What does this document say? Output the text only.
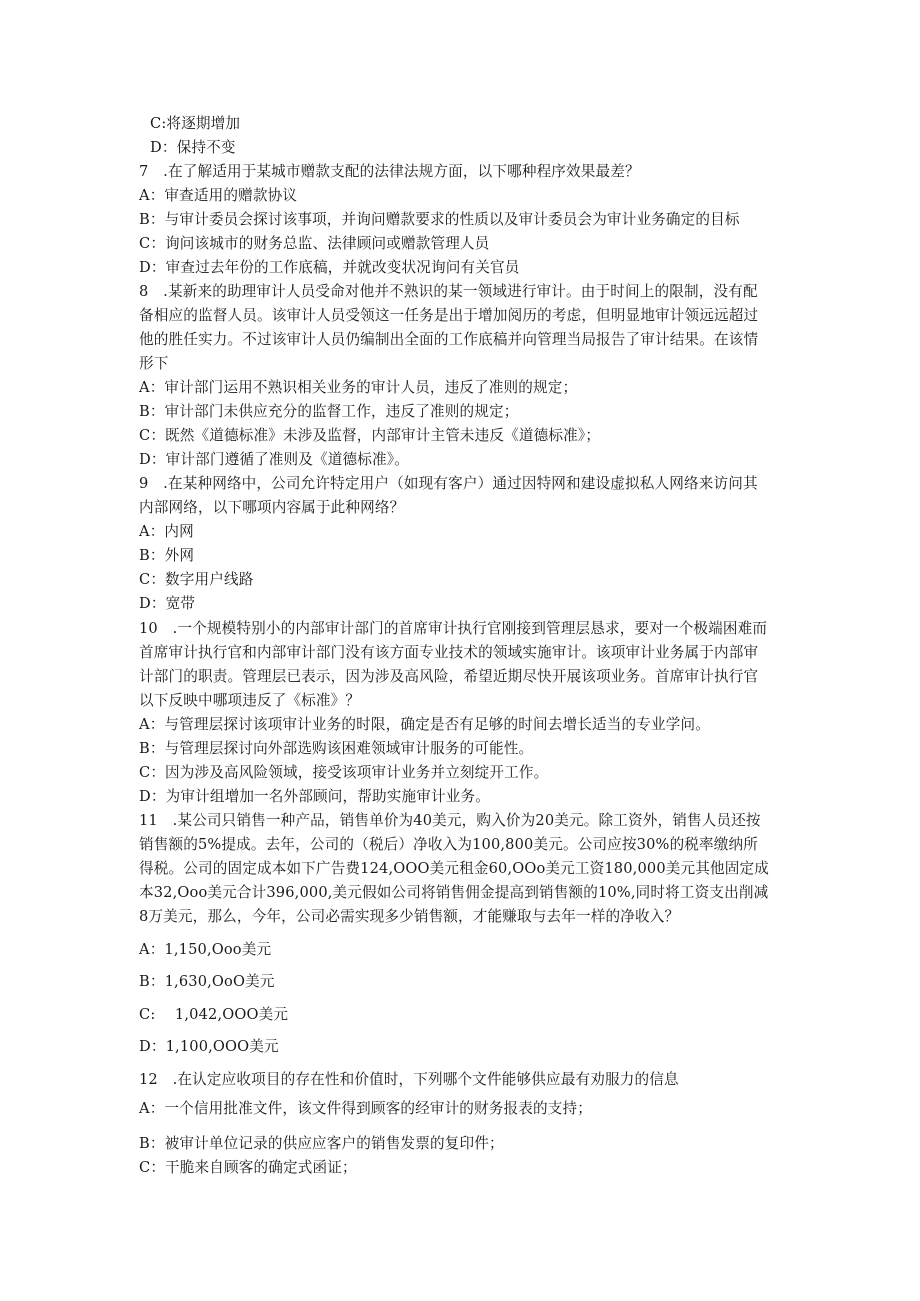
C:将逐期增加
D：保持不变
7　.在了解适用于某城市赠款支配的法律法规方面，以下哪种程序效果最差？
A：审查适用的赠款协议
B：与审计委员会探讨该事项，并询问赠款要求的性质以及审计委员会为审计业务确定的目标
C：询问该城市的财务总监、法律顾问或赠款管理人员
D：审查过去年份的工作底稿，并就改变状况询问有关官员
8　.某新来的助理审计人员受命对他并不熟识的某一领域进行审计。由于时间上的限制，没有配
备相应的监督人员。该审计人员受领这一任务是出于增加阅历的考虑，但明显地审计领远远超过
他的胜任实力。不过该审计人员仍编制出全面的工作底稿并向管理当局报告了审计结果。在该情
形下
A：审计部门运用不熟识相关业务的审计人员，违反了准则的规定；
B：审计部门未供应充分的监督工作，违反了准则的规定；
C：既然《道德标准》未涉及监督，内部审计主管未违反《道德标准》；
D：审计部门遵循了准则及《道德标准》。
9　.在某种网络中，公司允许特定用户（如现有客户）通过因特网和建设虚拟私人网络来访问其
内部网络，以下哪项内容属于此种网络？
A：内网
B：外网
C：数字用户线路
D：宽带
10　.一个规模特别小的内部审计部门的首席审计执行官刚接到管理层恳求，要对一个极端困难而
首席审计执行官和内部审计部门没有该方面专业技术的领域实施审计。该项审计业务属于内部审
计部门的职责。管理层已表示，因为涉及高风险，希望近期尽快开展该项业务。首席审计执行官
以下反映中哪项违反了《标准》？
A：与管理层探讨该项审计业务的时限，确定是否有足够的时间去增长适当的专业学问。
B：与管理层探讨向外部选购该困难领域审计服务的可能性。
C：因为涉及高风险领域，接受该项审计业务并立刻绽开工作。
D：为审计组增加一名外部顾问，帮助实施审计业务。
11　.某公司只销售一种产品，销售单价为40美元，购入价为20美元。除工资外，销售人员还按
销售额的5%提成。去年，公司的（税后）净收入为100,800美元。公司应按30%的税率缴纳所
得税。公司的固定成本如下广告费124,OOO美元租金60,OOo美元工资180,000美元其他固定成
本32,Ooo美元合计396,000,美元假如公司将销售佣金提高到销售额的10%,同时将工资支出削减
8万美元，那么，今年，公司必需实现多少销售额，才能赚取与去年一样的净收入？
A：1,150,Ooo美元
B：1,630,OoO美元
C:　 1,042,OOO美元
D：1,100,OOO美元
12　.在认定应收项目的存在性和价值时，下列哪个文件能够供应最有劝服力的信息
A：一个信用批准文件，该文件得到顾客的经审计的财务报表的支持；
B：被审计单位记录的供应应客户的销售发票的复印件；
C：干脆来自顾客的确定式函证；
